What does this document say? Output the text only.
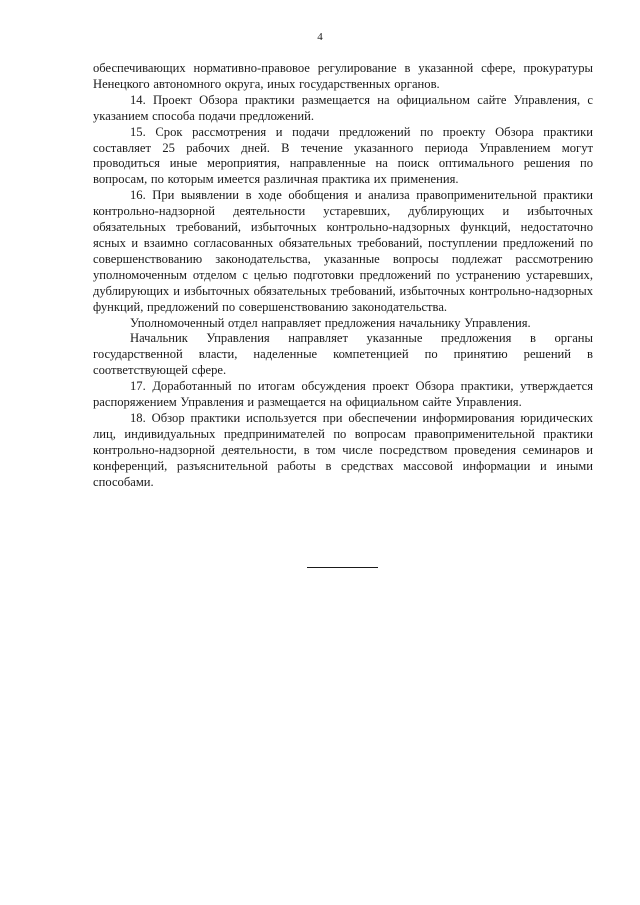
4

обеспечивающих нормативно-правовое регулирование в указанной сфере, прокуратуры Ненецкого автономного округа, иных государственных органов.

14. Проект Обзора практики размещается на официальном сайте Управления, с указанием способа подачи предложений.

15. Срок рассмотрения и подачи предложений по проекту Обзора практики составляет 25 рабочих дней. В течение указанного периода Управлением могут проводиться иные мероприятия, направленные на поиск оптимального решения по вопросам, по которым имеется различная практика их применения.

16. При выявлении в ходе обобщения и анализа правоприменительной практики контрольно-надзорной деятельности устаревших, дублирующих и избыточных обязательных требований, избыточных контрольно-надзорных функций, недостаточно ясных и взаимно согласованных обязательных требований, поступлении предложений по совершенствованию законодательства, указанные вопросы подлежат рассмотрению уполномоченным отделом с целью подготовки предложений по устранению устаревших, дублирующих и избыточных обязательных требований, избыточных контрольно-надзорных функций, предложений по совершенствованию законодательства.

Уполномоченный отдел направляет предложения начальнику Управления.

Начальник Управления направляет указанные предложения в органы государственной власти, наделенные компетенцией по принятию решений в соответствующей сфере.

17. Доработанный по итогам обсуждения проект Обзора практики, утверждается распоряжением Управления и размещается на официальном сайте Управления.

18. Обзор практики используется при обеспечении информирования юридических лиц, индивидуальных предпринимателей по вопросам правоприменительной практики контрольно-надзорной деятельности, в том числе посредством проведения семинаров и конференций, разъяснительной работы в средствах массовой информации и иными способами.
